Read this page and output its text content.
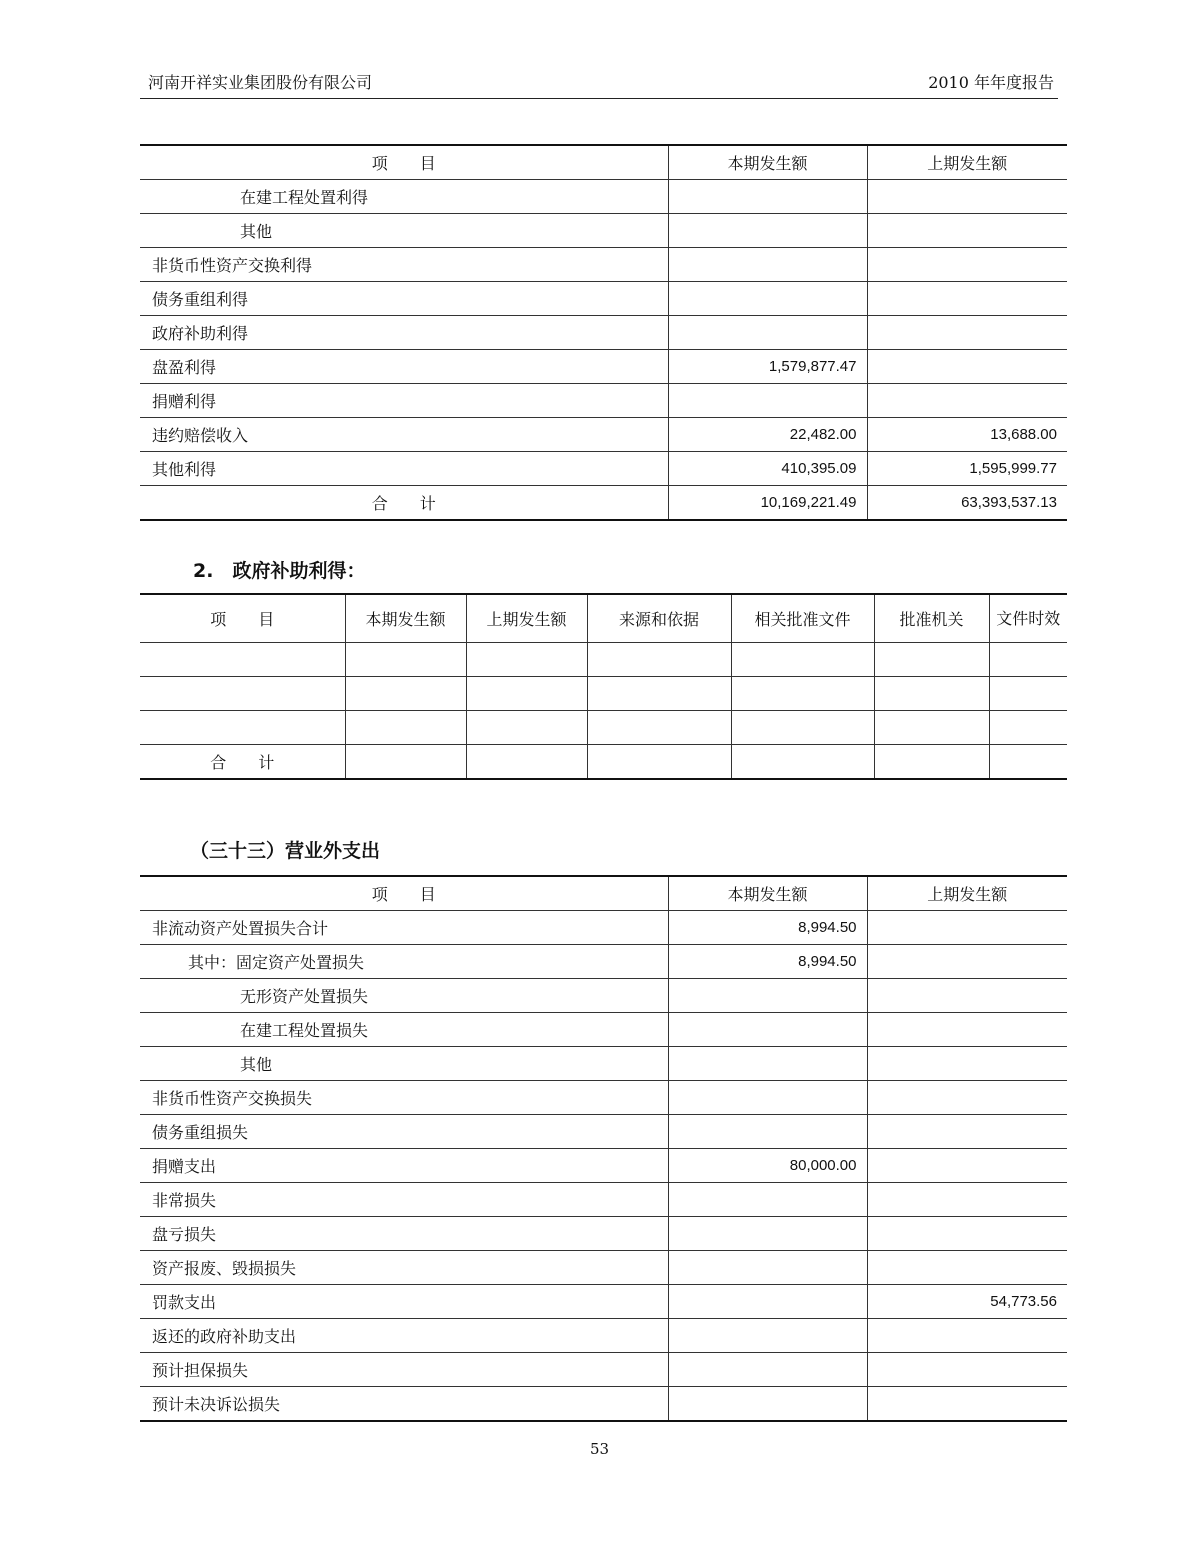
河南开祥实业集团股份有限公司	2010 年年度报告
项　　目	本期发生额	上期发生额
在建工程处置利得		
其他		
非货币性资产交换利得		
债务重组利得		
政府补助利得		
盘盈利得	1,579,877.47	
捐赠利得		
违约赔偿收入	22,482.00	13,688.00
其他利得	410,395.09	1,595,999.77
合　　计	10,169,221.49	63,393,537.13
2.　政府补助利得：
项　　目	本期发生额	上期发生额	来源和依据	相关批准文件	批准机关	文件时效

合　　计						
（三十三）营业外支出
项　　目	本期发生额	上期发生额
非流动资产处置损失合计	8,994.50	
其中：固定资产处置损失	8,994.50	
无形资产处置损失		
在建工程处置损失		
其他		
非货币性资产交换损失		
债务重组损失		
捐赠支出	80,000.00	
非常损失		
盘亏损失		
资产报废、毁损损失		
罚款支出		54,773.56
返还的政府补助支出		
预计担保损失		
预计未决诉讼损失		
53
